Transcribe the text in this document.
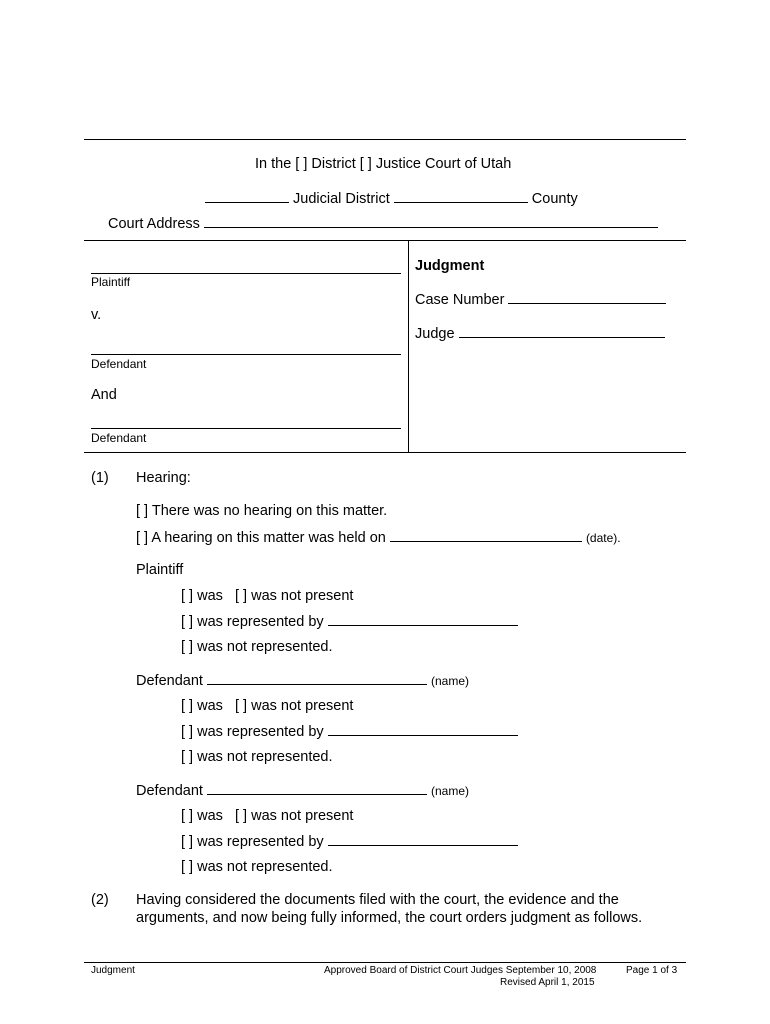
In the [ ] District [ ] Justice Court of Utah
Judicial District	County
Court Address
Plaintiff
v.
Defendant
And
Defendant
Judgment
Case Number
Judge
(1) Hearing:
[ ] There was no hearing on this matter.
[ ] A hearing on this matter was held on	(date).
Plaintiff
[ ] was   [ ] was not present
[ ] was represented by
[ ] was not represented.
Defendant	(name)
[ ] was   [ ] was not present
[ ] was represented by
[ ] was not represented.
Defendant	(name)
[ ] was   [ ] was not present
[ ] was represented by
[ ] was not represented.
(2) Having considered the documents filed with the court, the evidence and the
arguments, and now being fully informed, the court orders judgment as follows.
Judgment	Approved Board of District Court Judges September 10, 2008
Revised April 1, 2015
Page 1 of 3
